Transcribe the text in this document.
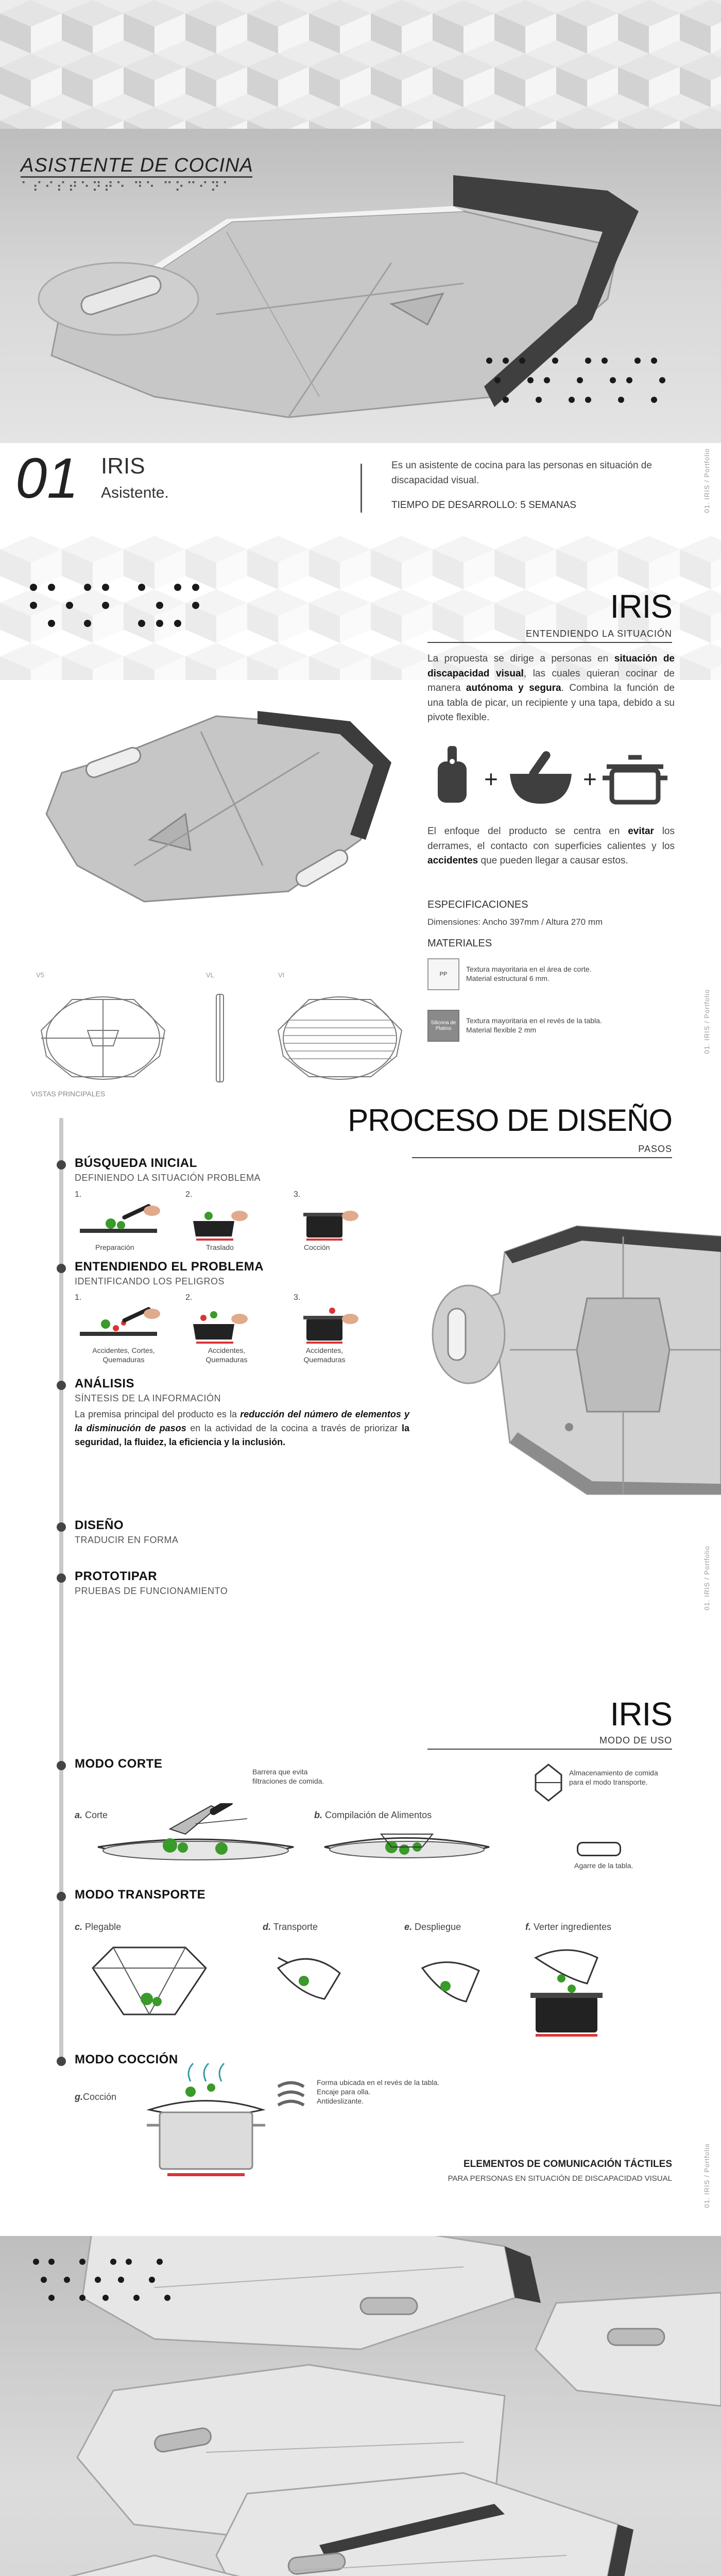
ASISTENTE DE COCINA
⠁⠎⠊⠎⠞⠑⠝⠞⠑ ⠙⠑ ⠉⠕⠉⠊⠝⠁
01 IRIS
Asistente.
Es un asistente de cocina para las personas en situación de discapacidad visual.
TIEMPO DE DESARROLLO: 5 SEMANAS	01. IRIS / Portfolio
IRIS
ENTENDIENDO LA SITUACIÓN
La propuesta se dirige a personas en situación de discapacidad visual, las cuales quieran cocinar de manera autónoma y segura. Combina la función de una tabla de picar, un recipiente y una tapa, debido a su pivote flexible.
+	+
El enfoque del producto se centra en evitar los derrames, el contacto con superficies calientes y los accidentes que pueden llegar a causar estos.
ESPECIFICACIONES
Dimensiones: Ancho 397mm / Altura 270 mm
MATERIALES
PP
Textura mayoritaria en el área de corte.
Material estructural 6 mm.
Silicona de Platino
Textura mayoritaria en el revés de la tabla.
Material flexible 2 mm
V5	VL	VI
VISTAS PRINCIPALES
01. IRIS / Portfolio
PROCESO DE DISEÑO
PASOS
BÚSQUEDA INICIAL
DEFINIENDO LA SITUACIÓN PROBLEMA
1.	2.	3.
Preparación	Traslado	Cocción
ENTENDIENDO EL PROBLEMA
IDENTIFICANDO LOS PELIGROS
1.	2.	3.
Accidentes, Cortes, Quemaduras
Accidentes, Quemaduras
Accidentes, Quemaduras
ANÁLISIS
SÍNTESIS DE LA INFORMACIÓN
La premisa principal del producto es la reducción del número de elementos y la disminución de pasos en la actividad de la cocina a través de priorizar la seguridad, la fluidez, la eficiencia y la inclusión.
DISEÑO
TRADUCIR EN FORMA
PROTOTIPAR
PRUEBAS DE FUNCIONAMIENTO	01. IRIS / Portfolio
IRIS
MODO DE USO
MODO CORTE
a. Corte
Barrera que evita filtraciones de comida.
b. Compilación de Alimentos
Almacenamiento de comida para el modo transporte.
Agarre de la tabla.
MODO TRANSPORTE
c. Plegable	d. Transporte	e. Despliegue	f. Verter ingredientes
MODO COCCIÓN
g.Cocción
Forma ubicada en el revés de la tabla.
Encaje para olla.
Antideslizante.
ELEMENTOS DE COMUNICACIÓN TÁCTILES
PARA PERSONAS EN SITUACIÓN DE DISCAPACIDAD VISUAL	01. IRIS / Portfolio
